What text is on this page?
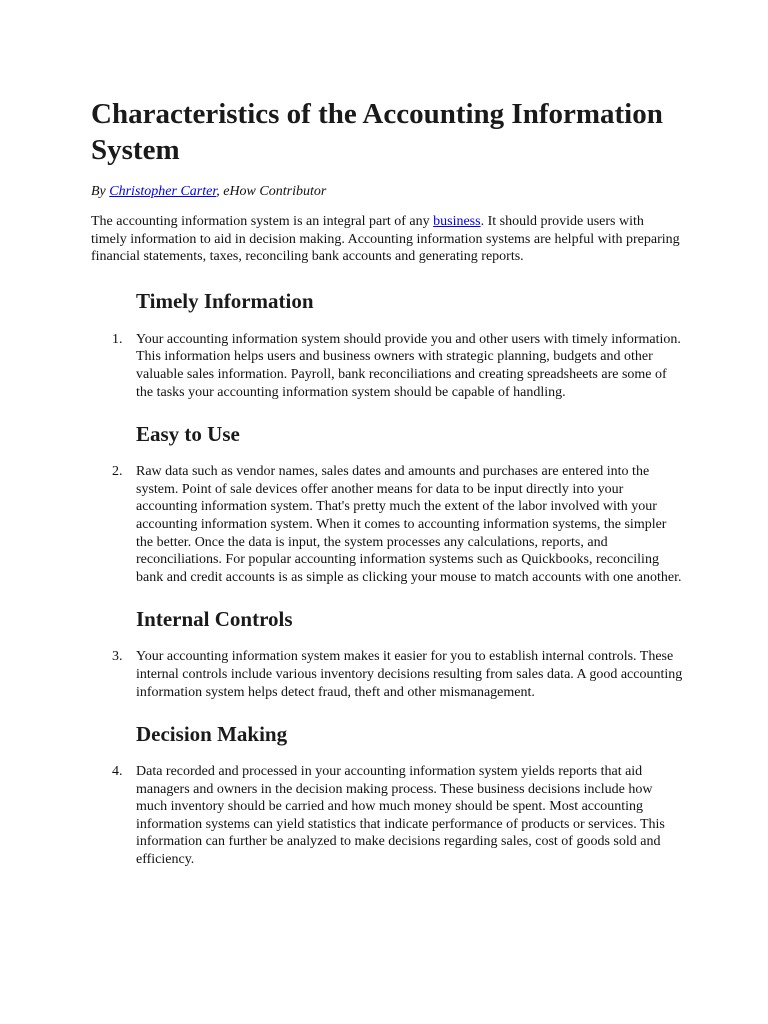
Characteristics of the Accounting Information System
By Christopher Carter, eHow Contributor
The accounting information system is an integral part of any business. It should provide users with timely information to aid in decision making. Accounting information systems are helpful with preparing financial statements, taxes, reconciling bank accounts and generating reports.
Timely Information
1. Your accounting information system should provide you and other users with timely information. This information helps users and business owners with strategic planning, budgets and other valuable sales information. Payroll, bank reconciliations and creating spreadsheets are some of the tasks your accounting information system should be capable of handling.
Easy to Use
2. Raw data such as vendor names, sales dates and amounts and purchases are entered into the system. Point of sale devices offer another means for data to be input directly into your accounting information system. That's pretty much the extent of the labor involved with your accounting information system. When it comes to accounting information systems, the simpler the better. Once the data is input, the system processes any calculations, reports, and reconciliations. For popular accounting information systems such as Quickbooks, reconciling bank and credit accounts is as simple as clicking your mouse to match accounts with one another.
Internal Controls
3. Your accounting information system makes it easier for you to establish internal controls. These internal controls include various inventory decisions resulting from sales data. A good accounting information system helps detect fraud, theft and other mismanagement.
Decision Making
4. Data recorded and processed in your accounting information system yields reports that aid managers and owners in the decision making process. These business decisions include how much inventory should be carried and how much money should be spent. Most accounting information systems can yield statistics that indicate performance of products or services. This information can further be analyzed to make decisions regarding sales, cost of goods sold and efficiency.
